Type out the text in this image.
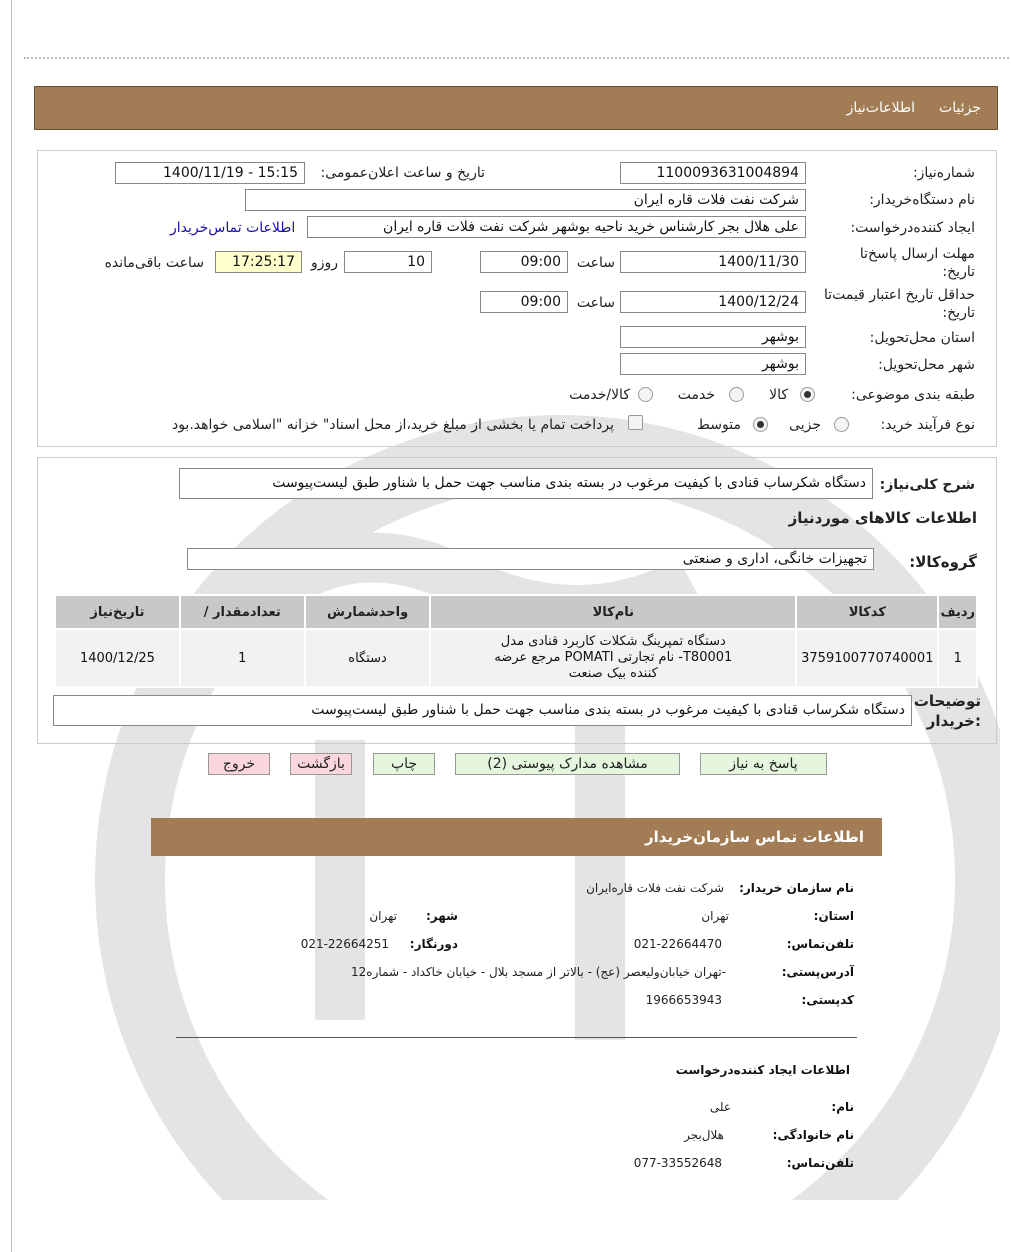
جزئیات
اطلاعات‌نیاز
شماره‌نیاز:
1100093631004894
تاریخ و ساعت اعلان‌عمومی:
1400/11/19 - 15:15
نام دستگاه‌خریدار:
شرکت نفت فلات قاره ایران
ایجاد کننده‌درخواست:
علی هلال بجر کارشناس خرید ناحیه بوشهر شرکت نفت فلات قاره ایران
اطلاعات تماس‌خریدار
مهلت ارسال پاسخ‌تا
تاریخ:
1400/11/30
ساعت
09:00
10
روزو
17:25:17
ساعت باقی‌مانده
حداقل تاریخ اعتبار قیمت‌تا
تاریخ:
1400/12/24
ساعت
09:00
استان محل‌تحویل:
بوشهر
شهر محل‌تحویل:
بوشهر
طبقه بندی موضوعی:
کالا
خدمت
کالا/خدمت
نوع فرآیند خرید:
جزیی
متوسط
پرداخت تمام یا بخشی از مبلغ خرید،از محل اسناد" خزانه "اسلامی خواهد.بود
شرح کلی‌نیاز:
دستگاه شکرساب قنادی با کیفیت مرغوب در بسته بندی مناسب جهت حمل با شناور طبق لیست‌پیوست
اطلاعات کالاهای موردنیاز
گروه‌کالا:
تجهیزات خانگی، اداری و صنعتی
ردیف	کدکالا	نام‌کالا	واحدشمارش	تعدادمقدار /	تاریخ‌نیاز
1	3759100770740001	دستگاه تمپرینگ شکلات کاربرد قنادی مدل T80001- نام تجارتی POMATI مرجع عرضه کننده بیک صنعت	دستگاه	1	1400/12/25
توضیحات
:خریدار
دستگاه شکرساب قنادی با کیفیت مرغوب در بسته بندی مناسب جهت حمل با شناور طبق لیست‌پیوست
پاسخ به نیاز
مشاهده مدارک پیوستی (2)
چاپ
بازگشت
خروج
اطلاعات تماس سازمان‌خریدار
نام سازمان خریدار:
شرکت نفت فلات قاره‌ایران
استان:
تهران
شهر:
تهران
تلفن‌تماس:
021-22664470
دورنگار:
021-22664251
آدرس‌پستی:
-تهران خیابان‌ولیعصر (عج) - بالاتر از مسجد بلال - خیابان خاکداد - شماره12
کدپستی:
1966653943
اطلاعات ایجاد کننده‌درخواست
نام:
علی
نام خانوادگی:
هلال‌بجر
تلفن‌تماس:
077-33552648
